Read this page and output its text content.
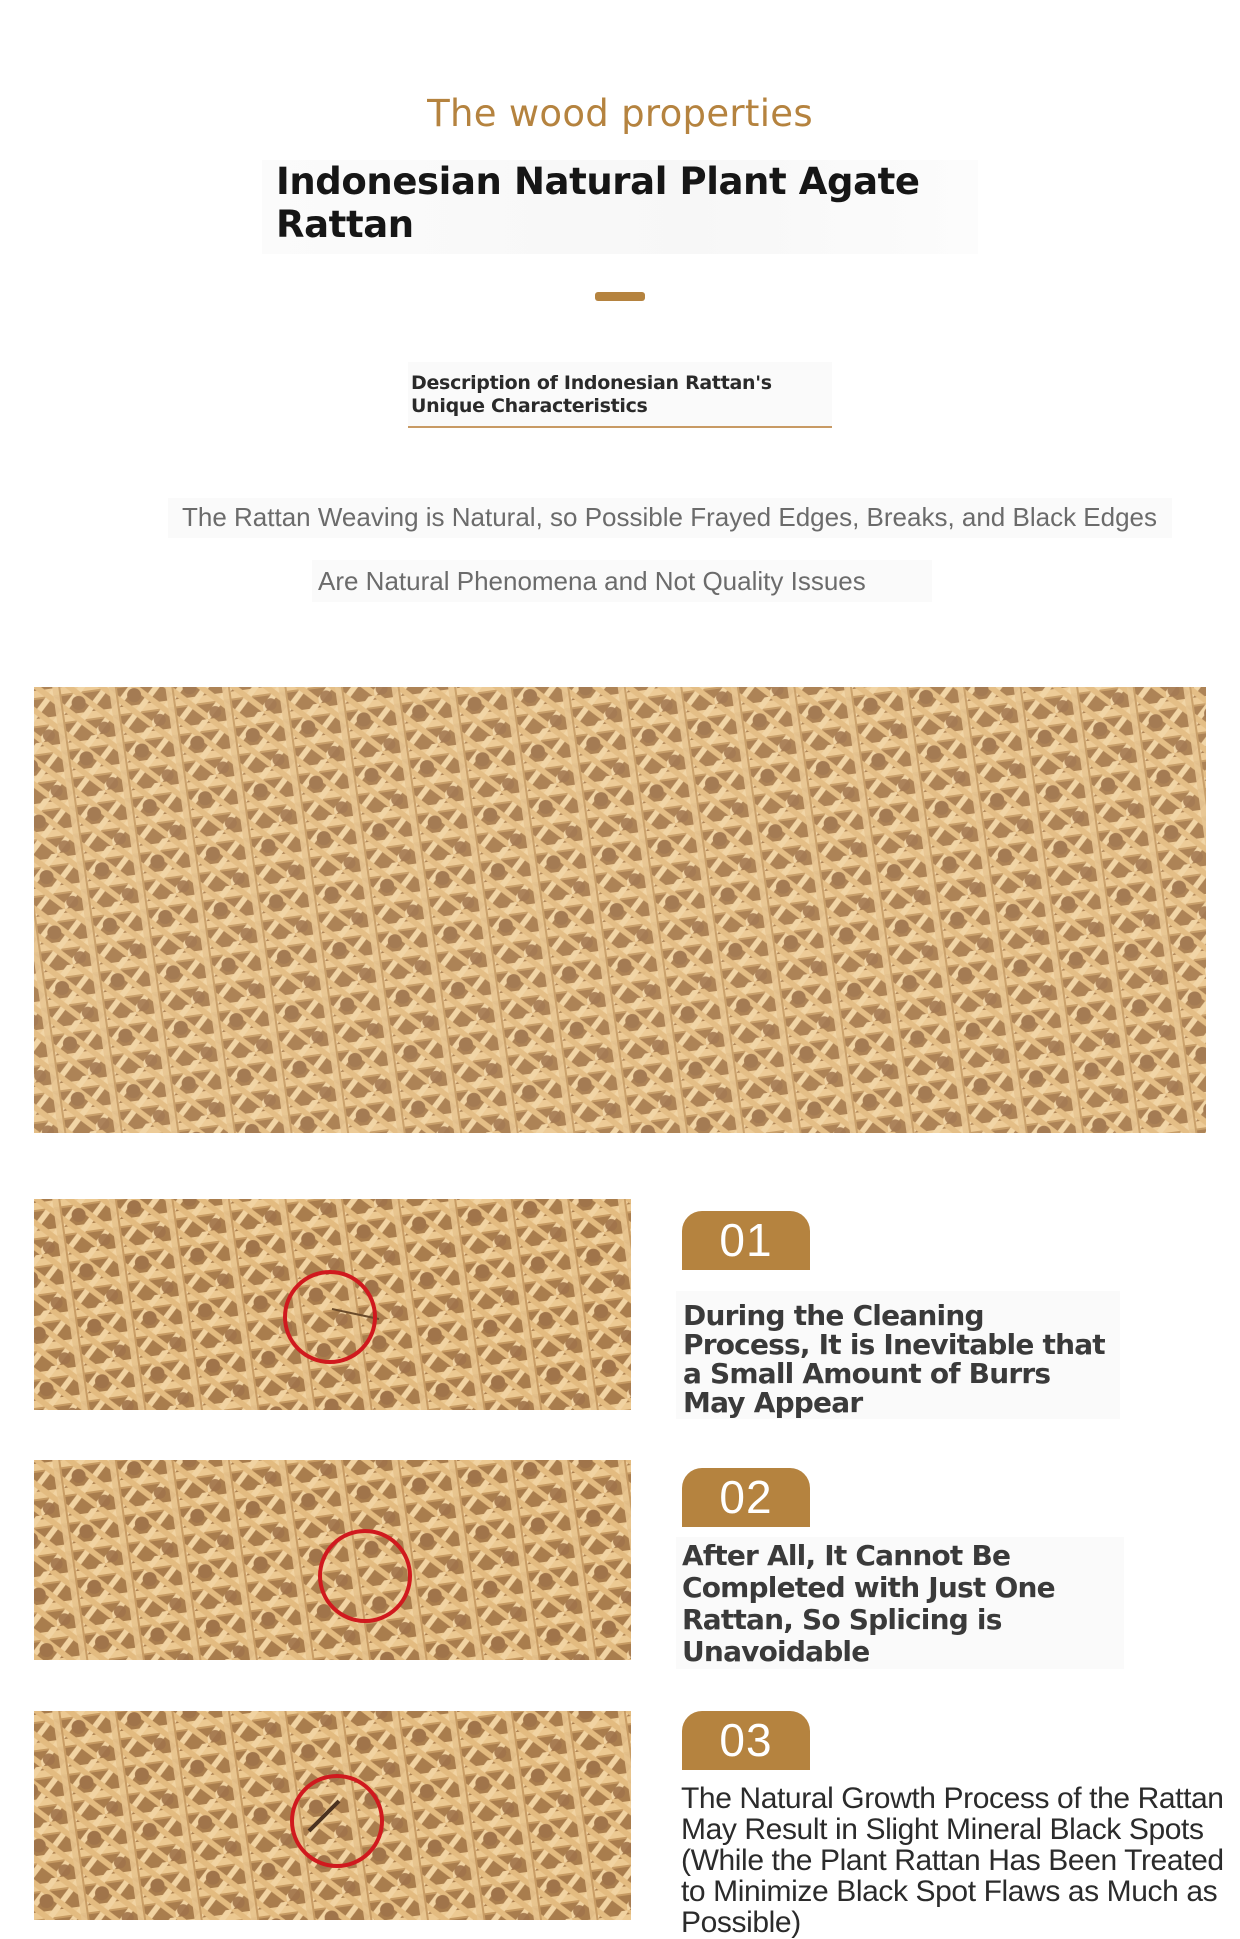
The wood properties
Indonesian Natural Plant Agate Rattan
Description of Indonesian Rattan's Unique Characteristics
The Rattan Weaving is Natural, so Possible Frayed Edges, Breaks, and Black Edges
Are Natural Phenomena and Not Quality Issues
01
During the Cleaning Process, It is Inevitable that a Small Amount of Burrs May Appear
02
After All, It Cannot Be Completed with Just One Rattan, So Splicing is Unavoidable
03
The Natural Growth Process of the Rattan May Result in Slight Mineral Black Spots (While the Plant Rattan Has Been Treated to Minimize Black Spot Flaws as Much as Possible)
